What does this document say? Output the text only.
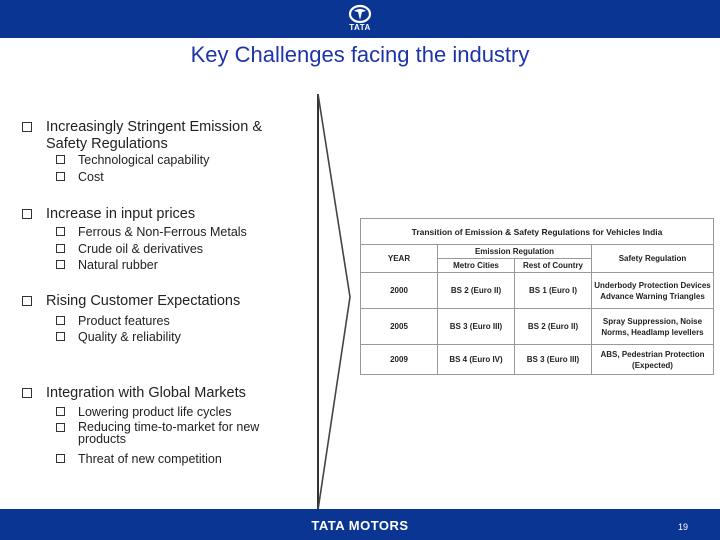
TATA
Key Challenges facing the industry
Increasingly Stringent Emission & Safety Regulations
Technological capability
Cost
Increase in input prices
Ferrous & Non-Ferrous Metals
Crude oil & derivatives
Natural rubber
Rising Customer Expectations
Product features
Quality & reliability
Integration with Global Markets
Lowering product life cycles
Reducing time-to-market for new products
Threat of new competition
Transition of Emission & Safety Regulations for Vehicles India			
YEAR	Emission Regulation		Safety Regulation
	Metro Cities	Rest of Country	
2000	BS 2 (Euro II)	BS 1 (Euro I)	Underbody Protection Devices Advance Warning Triangles
2005	BS 3 (Euro III)	BS 2 (Euro II)	Spray Suppression, Noise Norms, Headlamp levellers
2009	BS 4 (Euro IV)	BS 3 (Euro III)	ABS, Pedestrian Protection (Expected)
TATA MOTORS	19
